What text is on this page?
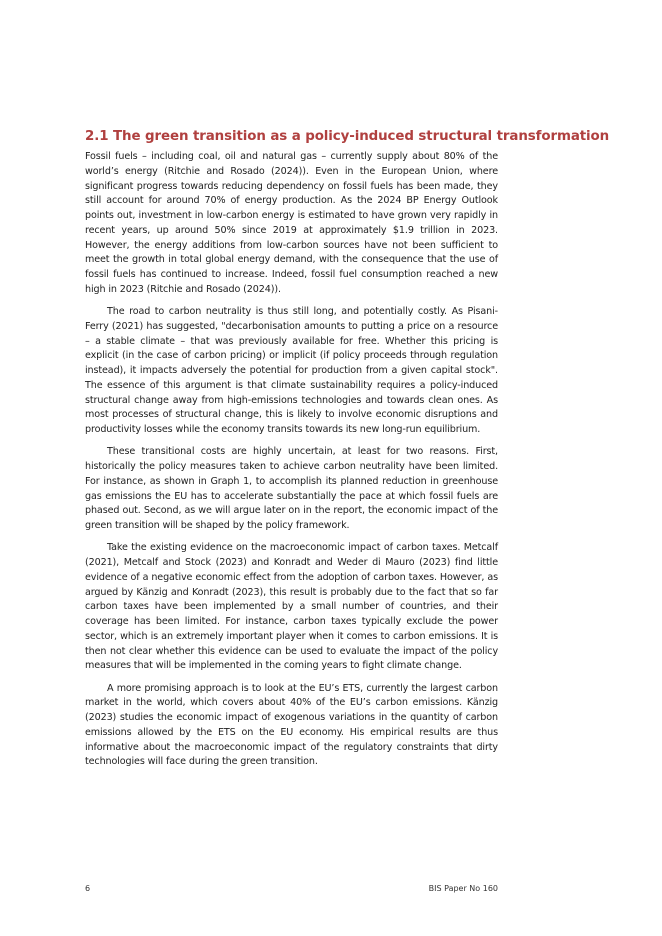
2.1 The green transition as a policy-induced structural transformation

Fossil fuels – including coal, oil and natural gas – currently supply about 80% of the world’s energy (Ritchie and Rosado (2024)). Even in the European Union, where significant progress towards reducing dependency on fossil fuels has been made, they still account for around 70% of energy production. As the 2024 BP Energy Outlook points out, investment in low-carbon energy is estimated to have grown very rapidly in recent years, up around 50% since 2019 at approximately $1.9 trillion in 2023. However, the energy additions from low-carbon sources have not been sufficient to meet the growth in total global energy demand, with the consequence that the use of fossil fuels has continued to increase. Indeed, fossil fuel consumption reached a new high in 2023 (Ritchie and Rosado (2024)).

The road to carbon neutrality is thus still long, and potentially costly. As Pisani-Ferry (2021) has suggested, "decarbonisation amounts to putting a price on a resource – a stable climate – that was previously available for free. Whether this pricing is explicit (in the case of carbon pricing) or implicit (if policy proceeds through regulation instead), it impacts adversely the potential for production from a given capital stock". The essence of this argument is that climate sustainability requires a policy-induced structural change away from high-emissions technologies and towards clean ones. As most processes of structural change, this is likely to involve economic disruptions and productivity losses while the economy transits towards its new long-run equilibrium.

These transitional costs are highly uncertain, at least for two reasons. First, historically the policy measures taken to achieve carbon neutrality have been limited. For instance, as shown in Graph 1, to accomplish its planned reduction in greenhouse gas emissions the EU has to accelerate substantially the pace at which fossil fuels are phased out. Second, as we will argue later on in the report, the economic impact of the green transition will be shaped by the policy framework.

Take the existing evidence on the macroeconomic impact of carbon taxes. Metcalf (2021), Metcalf and Stock (2023) and Konradt and Weder di Mauro (2023) find little evidence of a negative economic effect from the adoption of carbon taxes. However, as argued by Känzig and Konradt (2023), this result is probably due to the fact that so far carbon taxes have been implemented by a small number of countries, and their coverage has been limited. For instance, carbon taxes typically exclude the power sector, which is an extremely important player when it comes to carbon emissions. It is then not clear whether this evidence can be used to evaluate the impact of the policy measures that will be implemented in the coming years to fight climate change.

A more promising approach is to look at the EU’s ETS, currently the largest carbon market in the world, which covers about 40% of the EU’s carbon emissions. Känzig (2023) studies the economic impact of exogenous variations in the quantity of carbon emissions allowed by the ETS on the EU economy. His empirical results are thus informative about the macroeconomic impact of the regulatory constraints that dirty technologies will face during the green transition.

6	BIS Paper No 160
